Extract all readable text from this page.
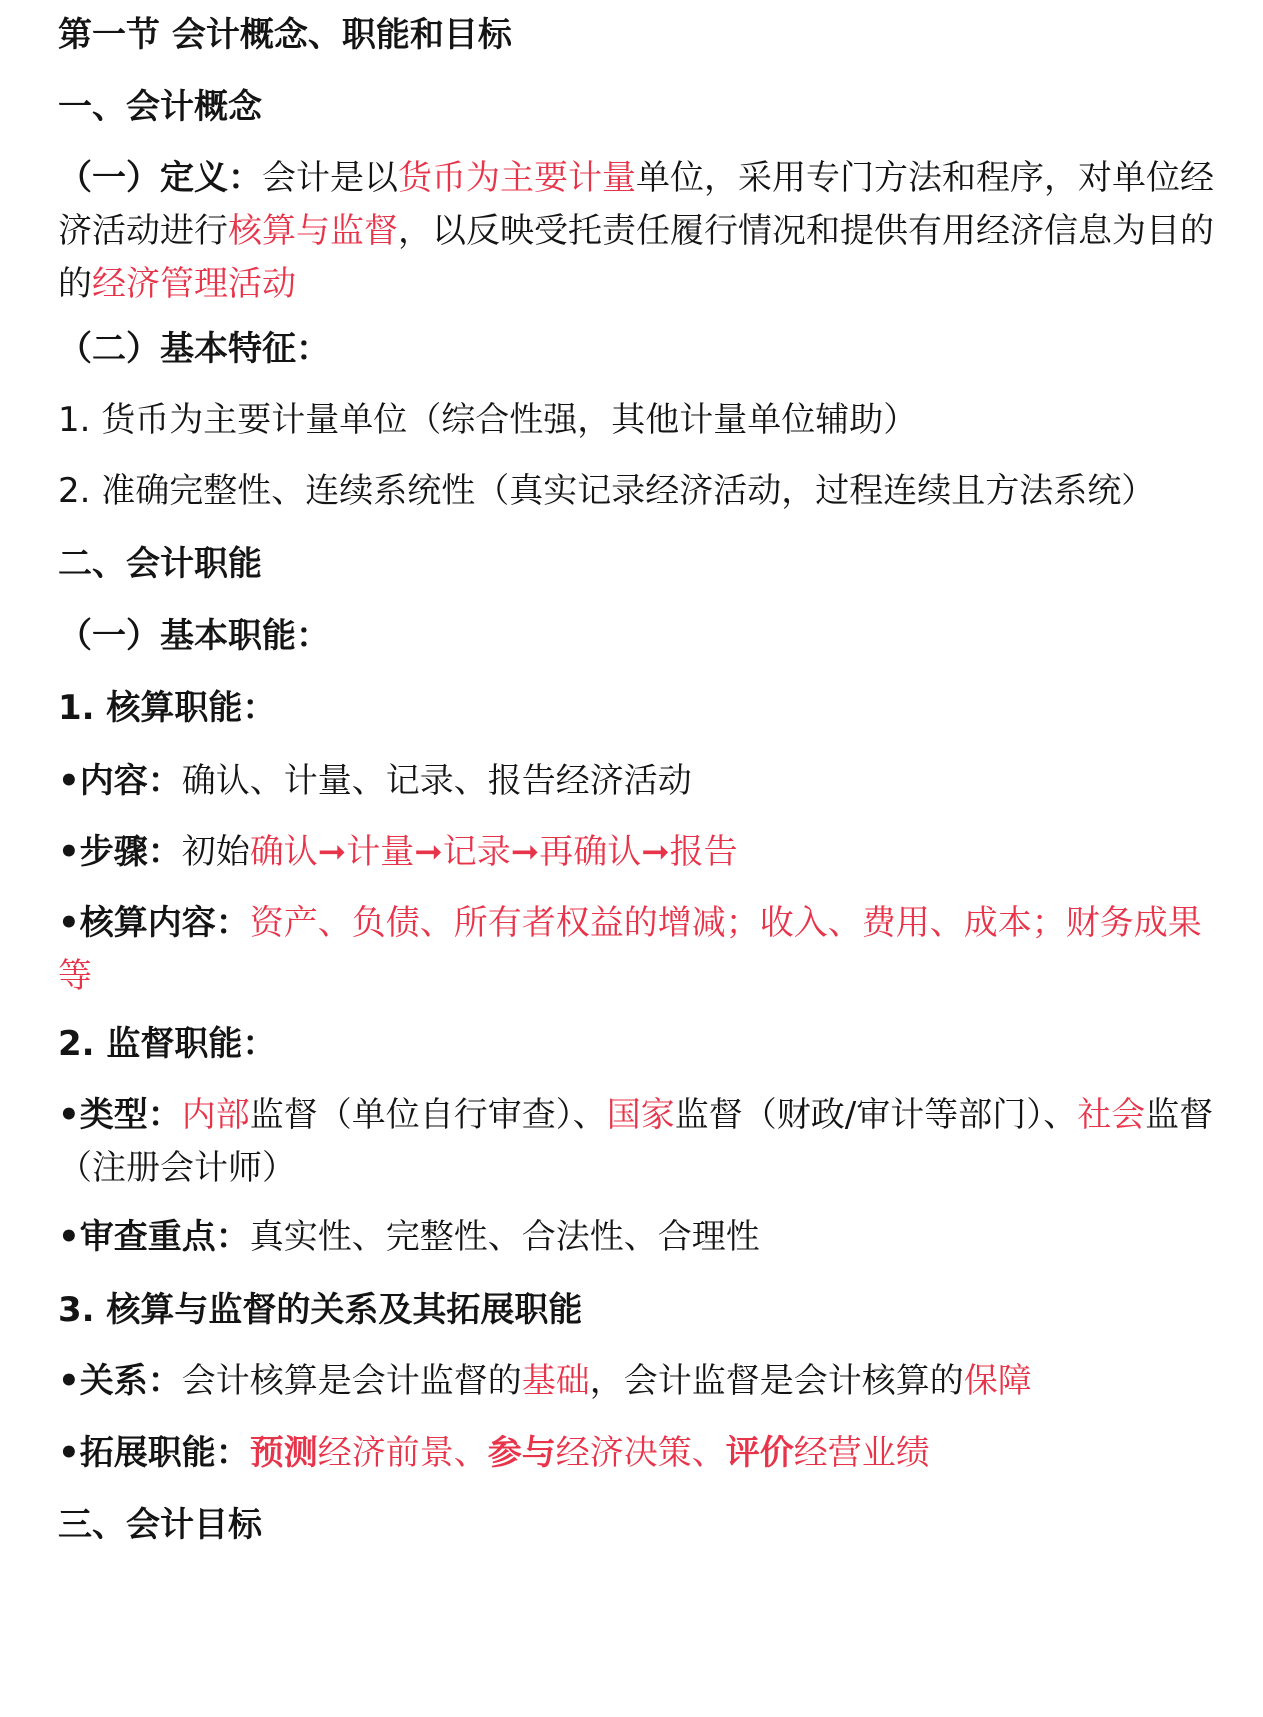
第一节 会计概念、职能和目标

一、会计概念

（一）定义：会计是以货币为主要计量单位，采用专门方法和程序，对单位经济活动进行核算与监督，以反映受托责任履行情况和提供有用经济信息为目的的经济管理活动

（二）基本特征：

1. 货币为主要计量单位（综合性强，其他计量单位辅助）

2. 准确完整性、连续系统性（真实记录经济活动，过程连续且方法系统）

二、会计职能

（一）基本职能：

1. 核算职能：

•内容：确认、计量、记录、报告经济活动

•步骤：初始确认➞计量➞记录➞再确认➞报告

•核算内容：资产、负债、所有者权益的增减；收入、费用、成本；财务成果等

2. 监督职能：

•类型：内部监督（单位自行审查）、国家监督（财政/审计等部门）、社会监督（注册会计师）

•审查重点：真实性、完整性、合法性、合理性

3. 核算与监督的关系及其拓展职能

•关系：会计核算是会计监督的基础，会计监督是会计核算的保障

•拓展职能：预测经济前景、参与经济决策、评价经营业绩

三、会计目标
